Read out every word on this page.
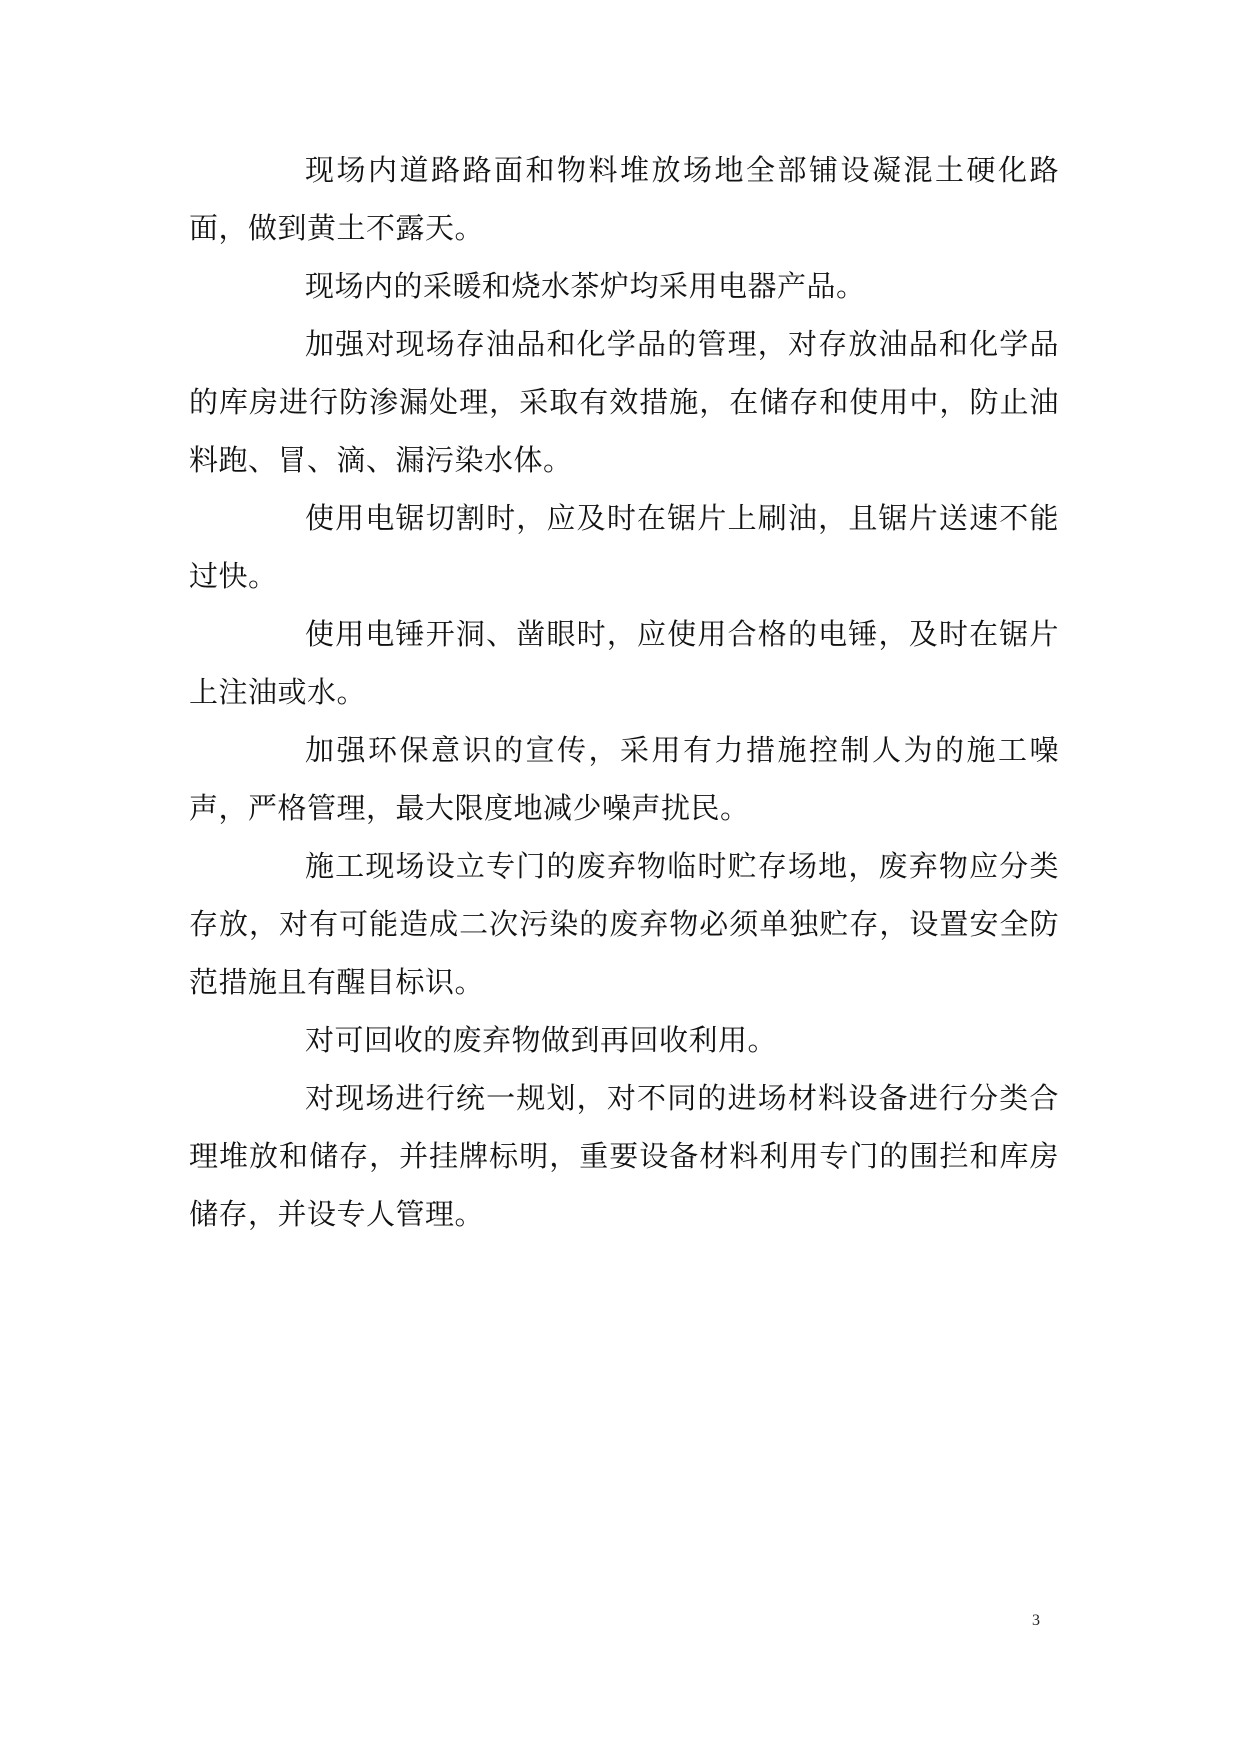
现场内道路路面和物料堆放场地全部铺设凝混土硬化路面，做到黄土不露天。

现场内的采暖和烧水茶炉均采用电器产品。

加强对现场存油品和化学品的管理，对存放油品和化学品的库房进行防渗漏处理，采取有效措施，在储存和使用中，防止油料跑、冒、滴、漏污染水体。

使用电锯切割时，应及时在锯片上刷油，且锯片送速不能过快。

使用电锤开洞、凿眼时，应使用合格的电锤，及时在锯片上注油或水。

加强环保意识的宣传，采用有力措施控制人为的施工噪声，严格管理，最大限度地减少噪声扰民。

施工现场设立专门的废弃物临时贮存场地，废弃物应分类存放，对有可能造成二次污染的废弃物必须单独贮存，设置安全防范措施且有醒目标识。

对可回收的废弃物做到再回收利用。

对现场进行统一规划，对不同的进场材料设备进行分类合理堆放和储存，并挂牌标明，重要设备材料利用专门的围拦和库房储存，并设专人管理。

3
